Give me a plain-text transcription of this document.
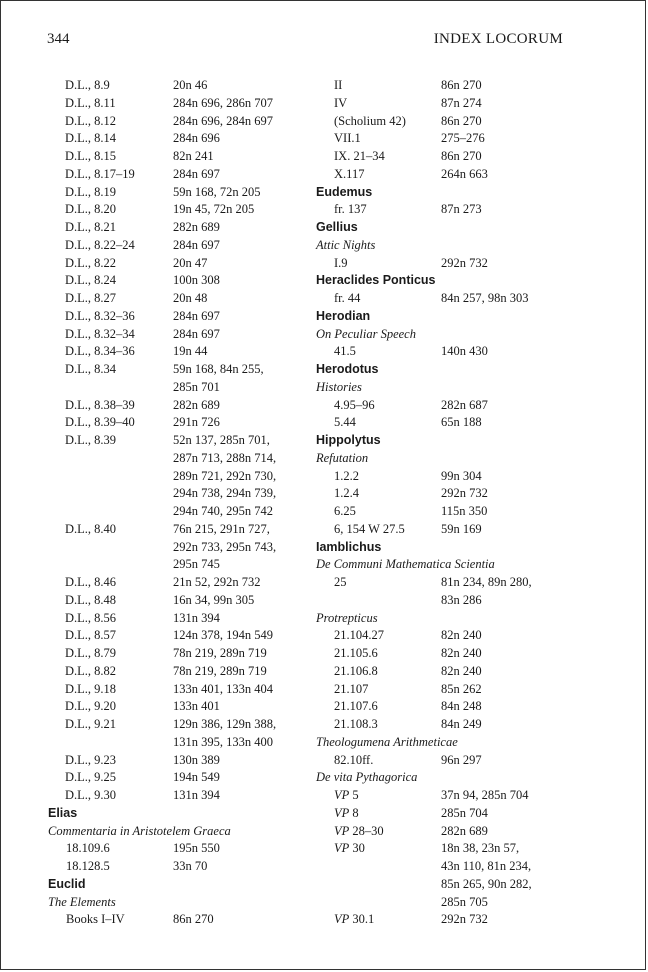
344	INDEX LOCORUM
D.L., 8.9	20n 46
D.L., 8.11	284n 696, 286n 707
D.L., 8.12	284n 696, 284n 697
D.L., 8.14	284n 696
D.L., 8.15	82n 241
D.L., 8.17–19	284n 697
D.L., 8.19	59n 168, 72n 205
D.L., 8.20	19n 45, 72n 205
D.L., 8.21	282n 689
D.L., 8.22–24	284n 697
D.L., 8.22	20n 47
D.L., 8.24	100n 308
D.L., 8.27	20n 48
D.L., 8.32–36	284n 697
D.L., 8.32–34	284n 697
D.L., 8.34–36	19n 44
D.L., 8.34	59n 168, 84n 255,
285n 701
D.L., 8.38–39	282n 689
D.L., 8.39–40	291n 726
D.L., 8.39	52n 137, 285n 701,
287n 713, 288n 714,
289n 721, 292n 730,
294n 738, 294n 739,
294n 740, 295n 742
D.L., 8.40	76n 215, 291n 727,
292n 733, 295n 743,
295n 745
D.L., 8.46	21n 52, 292n 732
D.L., 8.48	16n 34, 99n 305
D.L., 8.56	131n 394
D.L., 8.57	124n 378, 194n 549
D.L., 8.79	78n 219, 289n 719
D.L., 8.82	78n 219, 289n 719
D.L., 9.18	133n 401, 133n 404
D.L., 9.20	133n 401
D.L., 9.21	129n 386, 129n 388,
131n 395, 133n 400
D.L., 9.23	130n 389
D.L., 9.25	194n 549
D.L., 9.30	131n 394
Elias
Commentaria in Aristotelem Graeca
18.109.6	195n 550
18.128.5	33n 70
Euclid
The Elements
Books I–IV	86n 270
II	86n 270
IV	87n 274
(Scholium 42)	86n 270
VII.1	275–276
IX. 21–34	86n 270
X.117	264n 663
Eudemus
fr. 137	87n 273
Gellius
Attic Nights
I.9	292n 732
Heraclides Ponticus
fr. 44	84n 257, 98n 303
Herodian
On Peculiar Speech
41.5	140n 430
Herodotus
Histories
4.95–96	282n 687
5.44	65n 188
Hippolytus
Refutation
1.2.2	99n 304
1.2.4	292n 732
6.25	115n 350
6, 154 W 27.5	59n 169
Iamblichus
De Communi Mathematica Scientia
25	81n 234, 89n 280,
83n 286
Protrepticus
21.104.27	82n 240
21.105.6	82n 240
21.106.8	82n 240
21.107	85n 262
21.107.6	84n 248
21.108.3	84n 249
Theologumena Arithmeticae
82.10ff.	96n 297
De vita Pythagorica
VP 5	37n 94, 285n 704
VP 8	285n 704
VP 28–30	282n 689
VP 30	18n 38, 23n 57,
43n 110, 81n 234,
85n 265, 90n 282,
285n 705
VP 30.1	292n 732
